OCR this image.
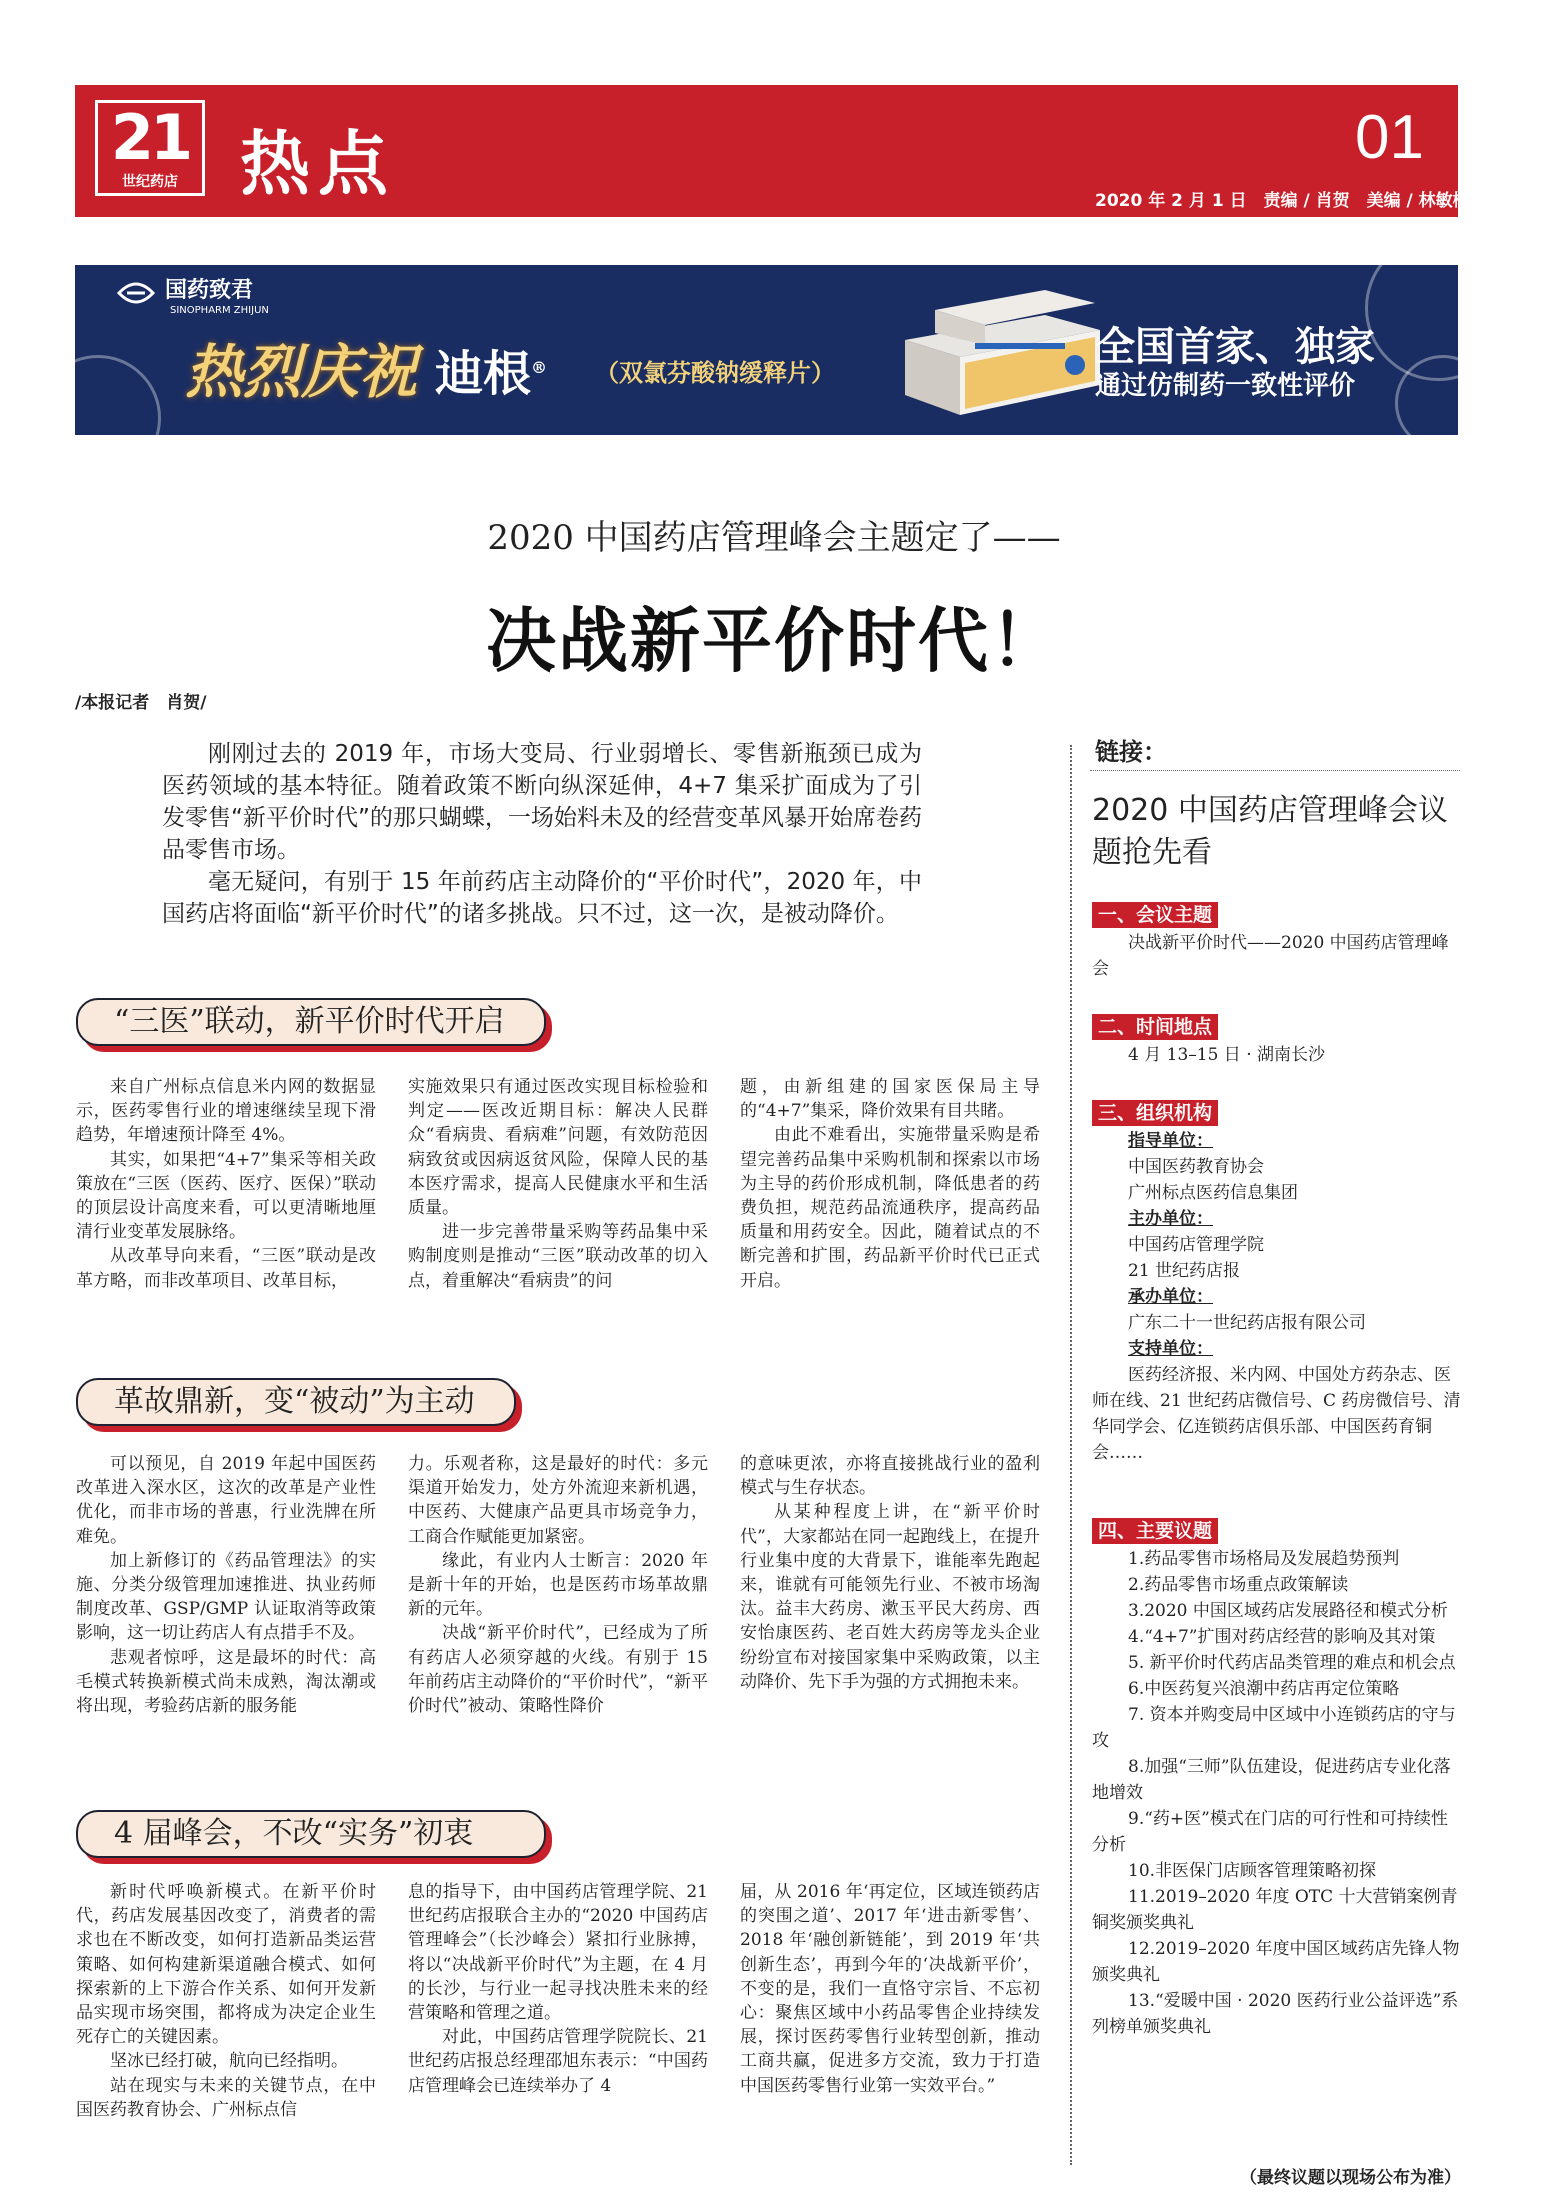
21
世纪药店 热点	01
2020 年 2 月 1 日　责编 / 肖贺　美编 / 林敏榆
国药致君
SINOPHARM ZHIJUN
热烈庆祝 迪根® （双氯芬酸钠缓释片）
全国首家、独家
通过仿制药一致性评价
2020 中国药店管理峰会主题定了——
决战新平价时代！
/本报记者　肖贺/

刚刚过去的 2019 年，市场大变局、行业弱增长、零售新瓶颈已成为医药领域的基本特征。随着政策不断向纵深延伸，4+7 集采扩面成为了引发零售“新平价时代”的那只蝴蝶，一场始料未及的经营变革风暴开始席卷药品零售市场。

毫无疑问，有别于 15 年前药店主动降价的“平价时代”，2020 年，中国药店将面临“新平价时代”的诸多挑战。只不过，这一次，是被动降价。

“三医”联动，新平价时代开启

来自广州标点信息米内网的数据显示，医药零售行业的增速继续呈现下滑趋势，年增速预计降至 4%。

其实，如果把“4+7”集采等相关政策放在“三医（医药、医疗、医保）”联动的顶层设计高度来看，可以更清晰地厘清行业变革发展脉络。

从改革导向来看，“三医”联动是改革方略，而非改革项目、改革目标，

实施效果只有通过医改实现目标检验和判定——医改近期目标：解决人民群众“看病贵、看病难”问题，有效防范因病致贫或因病返贫风险，保障人民的基本医疗需求，提高人民健康水平和生活质量。

进一步完善带量采购等药品集中采购制度则是推动“三医”联动改革的切入点，着重解决“看病贵”的问

题，由新组建的国家医保局主导的“4+7”集采，降价效果有目共睹。

由此不难看出，实施带量采购是希望完善药品集中采购机制和探索以市场为主导的药价形成机制，降低患者的药费负担，规范药品流通秩序，提高药品质量和用药安全。因此，随着试点的不断完善和扩围，药品新平价时代已正式开启。

革故鼎新，变“被动”为主动

可以预见，自 2019 年起中国医药改革进入深水区，这次的改革是产业性优化，而非市场的普惠，行业洗牌在所难免。

加上新修订的《药品管理法》的实施、分类分级管理加速推进、执业药师制度改革、GSP/GMP 认证取消等政策影响，这一切让药店人有点措手不及。

悲观者惊呼，这是最坏的时代：高毛模式转换新模式尚未成熟，淘汰潮或将出现，考验药店新的服务能

力。乐观者称，这是最好的时代：多元渠道开始发力，处方外流迎来新机遇，中医药、大健康产品更具市场竞争力，工商合作赋能更加紧密。

缘此，有业内人士断言：2020 年是新十年的开始，也是医药市场革故鼎新的元年。

决战“新平价时代”，已经成为了所有药店人必须穿越的火线。有别于 15 年前药店主动降价的“平价时代”，“新平价时代”被动、策略性降价

的意味更浓，亦将直接挑战行业的盈利模式与生存状态。

从某种程度上讲，在“新平价时代”，大家都站在同一起跑线上，在提升行业集中度的大背景下，谁能率先跑起来，谁就有可能领先行业、不被市场淘汰。益丰大药房、漱玉平民大药房、西安怡康医药、老百姓大药房等龙头企业纷纷宣布对接国家集中采购政策，以主动降价、先下手为强的方式拥抱未来。

4 届峰会，不改“实务”初衷

新时代呼唤新模式。在新平价时代，药店发展基因改变了，消费者的需求也在不断改变，如何打造新品类运营策略、如何构建新渠道融合模式、如何探索新的上下游合作关系、如何开发新品实现市场突围，都将成为决定企业生死存亡的关键因素。

坚冰已经打破，航向已经指明。

站在现实与未来的关键节点，在中国医药教育协会、广州标点信

息的指导下，由中国药店管理学院、21 世纪药店报联合主办的“2020 中国药店管理峰会”（长沙峰会）紧扣行业脉搏，将以“决战新平价时代”为主题，在 4 月的长沙，与行业一起寻找决胜未来的经营策略和管理之道。

对此，中国药店管理学院院长、21 世纪药店报总经理邵旭东表示：“中国药店管理峰会已连续举办了 4

届，从 2016 年‘再定位，区域连锁药店的突围之道’、2017 年‘进击新零售’、2018 年‘融创新链能’，到 2019 年‘共创新生态’，再到今年的‘决战新平价’，不变的是，我们一直恪守宗旨、不忘初心：聚焦区域中小药品零售企业持续发展，探讨医药零售行业转型创新，推动工商共赢，促进多方交流，致力于打造中国医药零售行业第一实效平台。”

链接：
2020 中国药店管理峰会议题抢先看
一、会议主题
决战新平价时代——2020 中国药店管理峰会
二、时间地点
4 月 13–15 日 · 湖南长沙
三、组织机构
指导单位：
中国医药教育协会
广州标点医药信息集团
主办单位：
中国药店管理学院
21 世纪药店报
承办单位：
广东二十一世纪药店报有限公司
支持单位：
医药经济报、米内网、中国处方药杂志、医师在线、21 世纪药店微信号、C 药房微信号、清华同学会、亿连锁药店俱乐部、中国医药育铜会……
四、主要议题
1.药品零售市场格局及发展趋势预判
2.药品零售市场重点政策解读
3.2020 中国区域药店发展路径和模式分析
4.“4+7”扩围对药店经营的影响及其对策
5. 新平价时代药店品类管理的难点和机会点
6.中医药复兴浪潮中药店再定位策略
7. 资本并购变局中区域中小连锁药店的守与攻
8.加强“三师”队伍建设，促进药店专业化落地增效
9.“药+医”模式在门店的可行性和可持续性分析
10.非医保门店顾客管理策略初探
11.2019–2020 年度 OTC 十大营销案例青铜奖颁奖典礼
12.2019–2020 年度中国区域药店先锋人物颁奖典礼
13.“爱暖中国 · 2020 医药行业公益评选”系列榜单颁奖典礼
（最终议题以现场公布为准）
